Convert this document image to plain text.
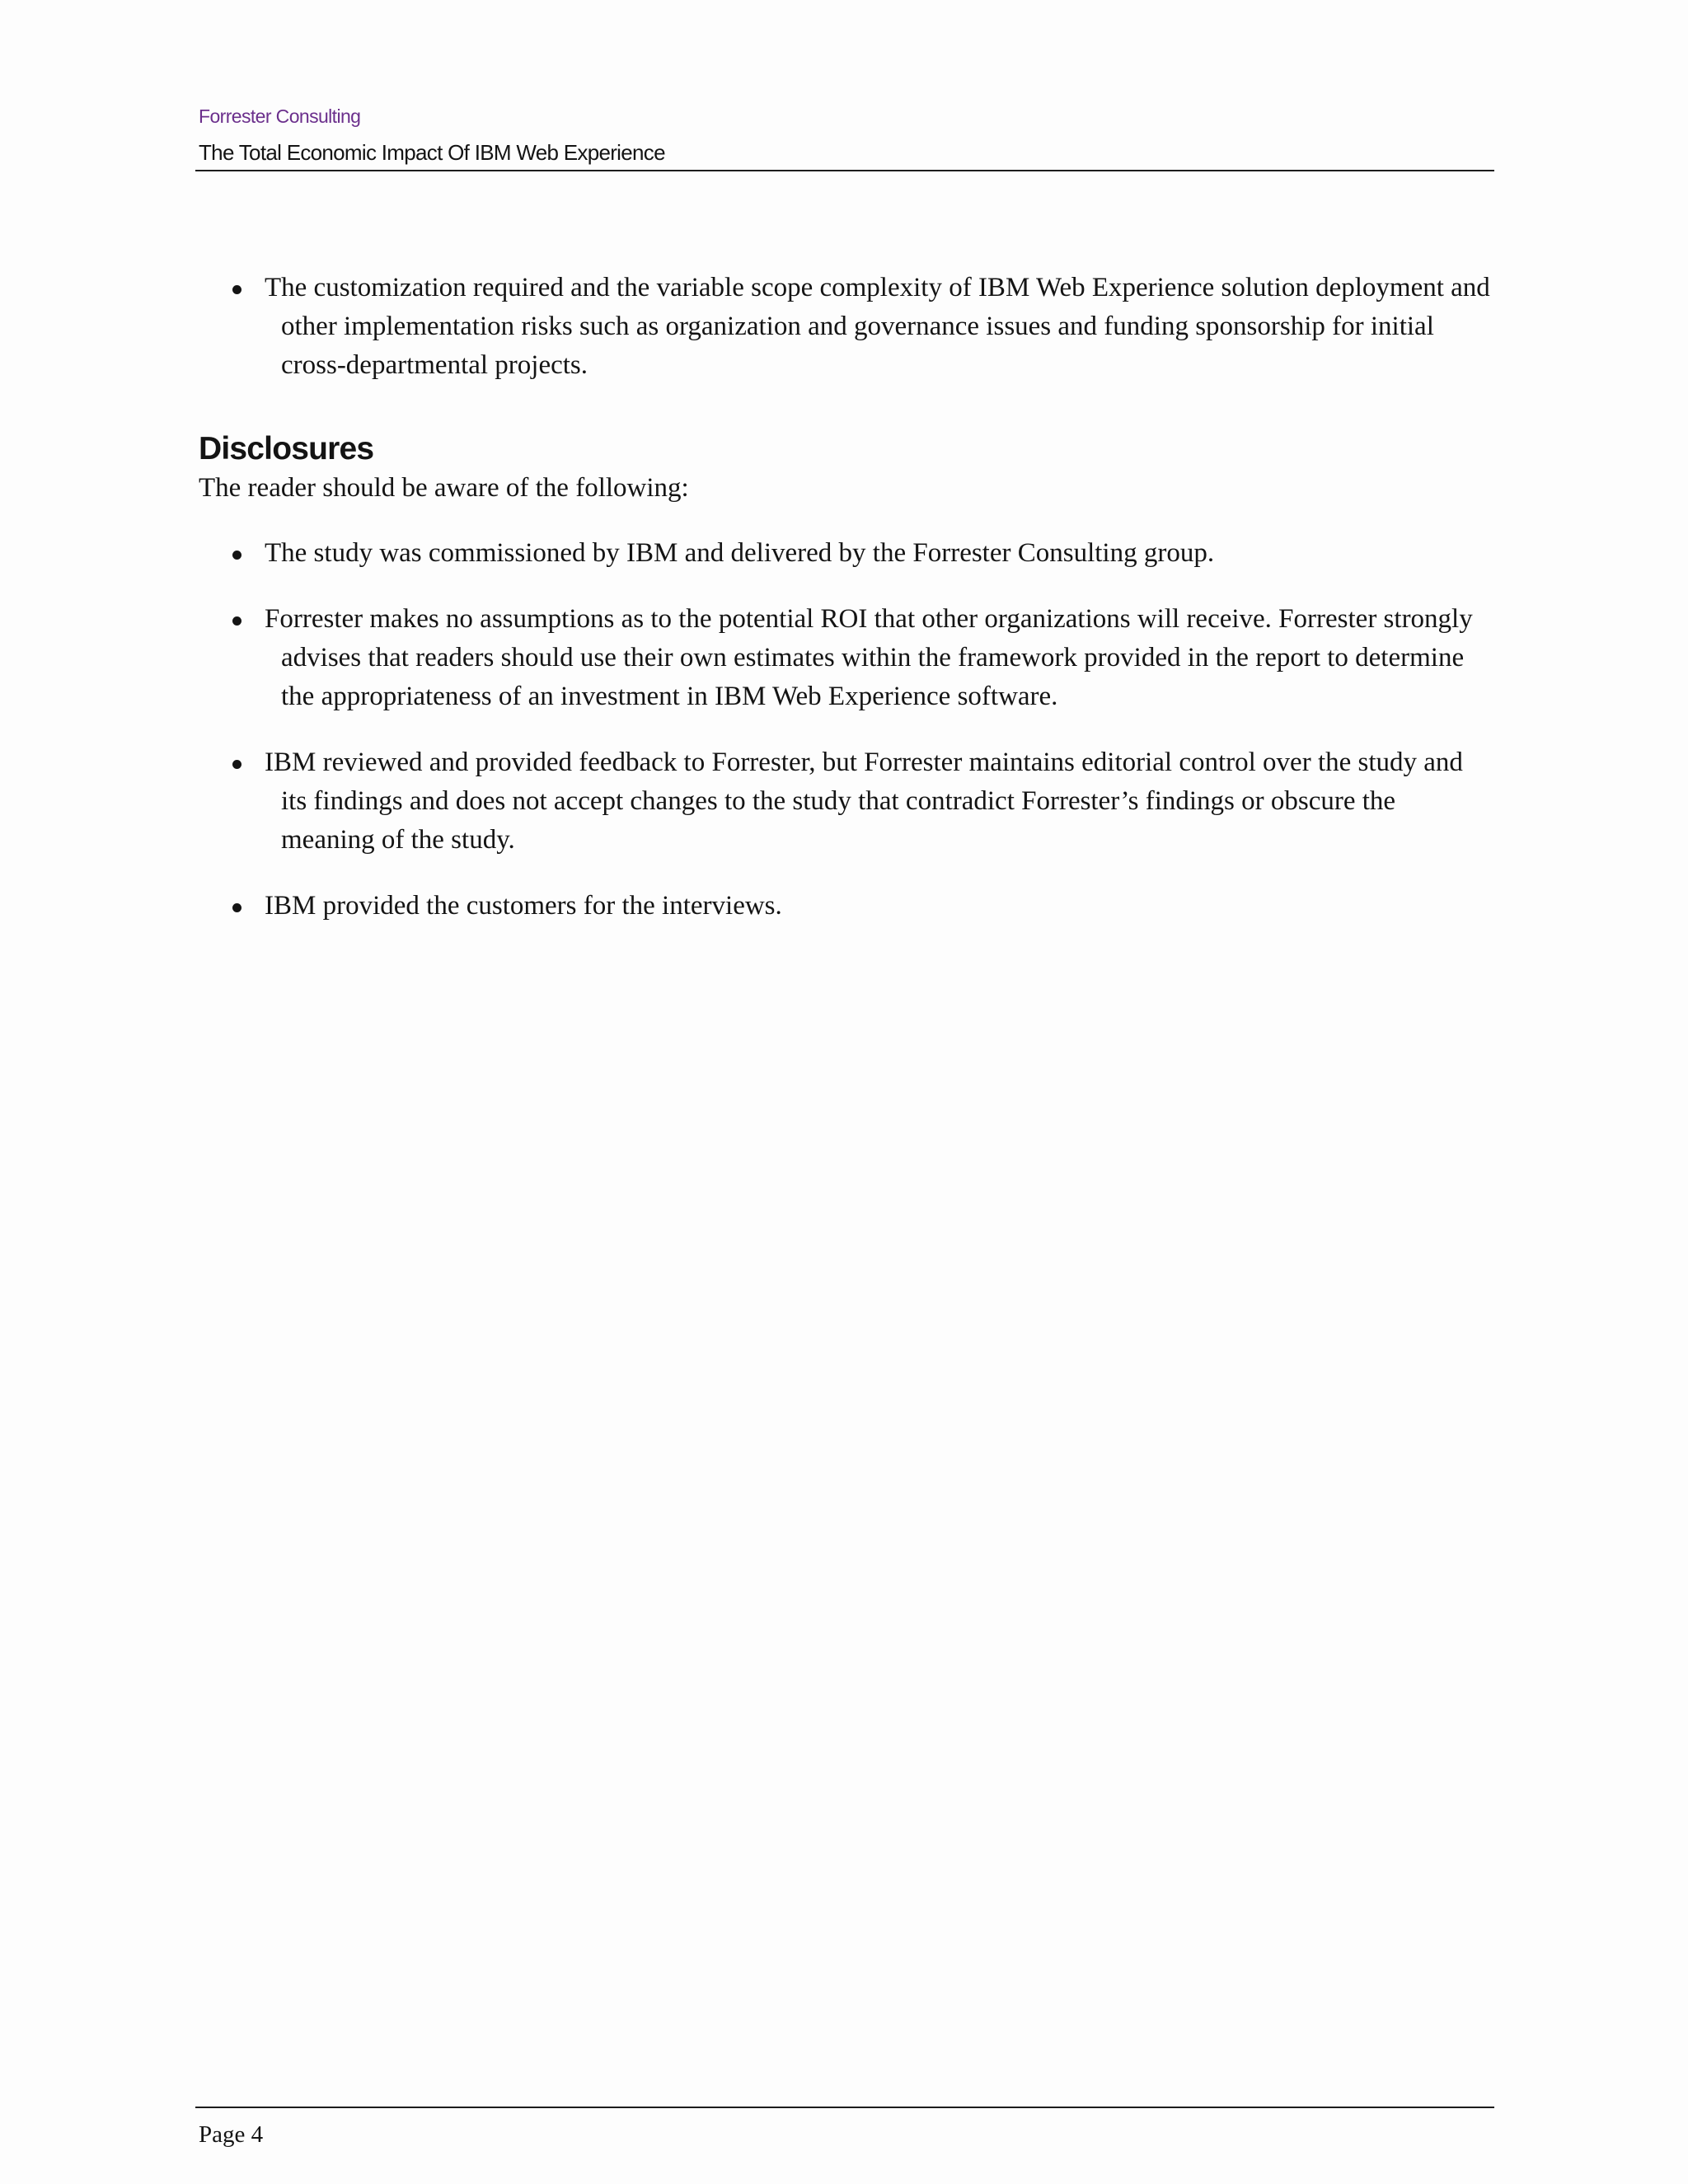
Forrester Consulting
The Total Economic Impact Of IBM Web Experience
The customization required and the variable scope complexity of IBM Web Experience solution deployment and other implementation risks such as organization and governance issues and funding sponsorship for initial cross-departmental projects.
Disclosures

The reader should be aware of the following:

The study was commissioned by IBM and delivered by the Forrester Consulting group.
Forrester makes no assumptions as to the potential ROI that other organizations will receive. Forrester strongly advises that readers should use their own estimates within the framework provided in the report to determine the appropriateness of an investment in IBM Web Experience software.
IBM reviewed and provided feedback to Forrester, but Forrester maintains editorial control over the study and its findings and does not accept changes to the study that contradict Forrester’s findings or obscure the meaning of the study.
IBM provided the customers for the interviews.
Page 4
